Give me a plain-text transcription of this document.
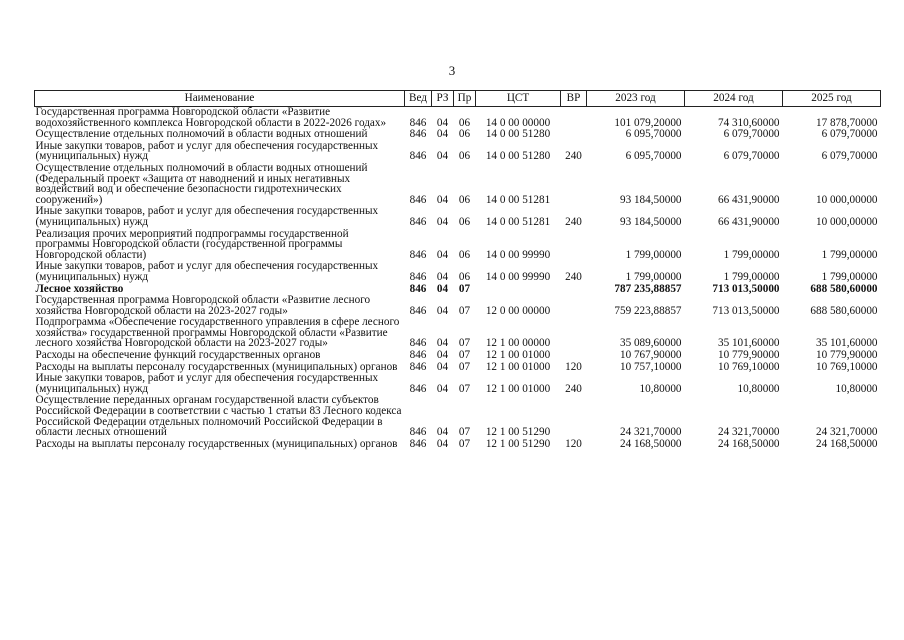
3
Наименование	Вед	РЗ	Пр	ЦСТ	ВР	2023 год	2024 год	2025 год
Государственная программа Новгородской области «Развитие водохозяйственного комплекса Новгородской области в 2022-2026 годах»	846	04	06	14 0 00 00000		101 079,20000	74 310,60000	17 878,70000
Осуществление отдельных полномочий в области водных отношений	846	04	06	14 0 00 51280		6 095,70000	6 079,70000	6 079,70000
Иные закупки товаров, работ и услуг для обеспечения государственных (муниципальных) нужд	846	04	06	14 0 00 51280	240	6 095,70000	6 079,70000	6 079,70000
Осуществление отдельных полномочий в области водных отношений (Федеральный проект «Защита от наводнений и иных негативных воздействий вод и обеспечение безопасности гидротехнических сооружений»)	846	04	06	14 0 00 51281		93 184,50000	66 431,90000	10 000,00000
Иные закупки товаров, работ и услуг для обеспечения государственных (муниципальных) нужд	846	04	06	14 0 00 51281	240	93 184,50000	66 431,90000	10 000,00000
Реализация прочих мероприятий подпрограммы государственной программы Новгородской области (государственной программы Новгородской области)	846	04	06	14 0 00 99990		1 799,00000	1 799,00000	1 799,00000
Иные закупки товаров, работ и услуг для обеспечения государственных (муниципальных) нужд	846	04	06	14 0 00 99990	240	1 799,00000	1 799,00000	1 799,00000
Лесное хозяйство	846	04	07			787 235,88857	713 013,50000	688 580,60000
Государственная программа Новгородской области «Развитие лесного хозяйства Новгородской области на 2023-2027 годы»	846	04	07	12 0 00 00000		759 223,88857	713 013,50000	688 580,60000
Подпрограмма «Обеспечение государственного управления в сфере лесного хозяйства» государственной программы Новгородской области «Развитие лесного хозяйства Новгородской области на 2023-2027 годы»	846	04	07	12 1 00 00000		35 089,60000	35 101,60000	35 101,60000
Расходы на обеспечение функций государственных органов	846	04	07	12 1 00 01000		10 767,90000	10 779,90000	10 779,90000
Расходы на выплаты персоналу государственных (муниципальных) органов	846	04	07	12 1 00 01000	120	10 757,10000	10 769,10000	10 769,10000
Иные закупки товаров, работ и услуг для обеспечения государственных (муниципальных) нужд	846	04	07	12 1 00 01000	240	10,80000	10,80000	10,80000
Осуществление переданных органам государственной власти субъектов Российской Федерации в соответствии с частью 1 статьи 83 Лесного кодекса Российской Федерации отдельных полномочий Российской Федерации в области лесных отношений	846	04	07	12 1 00 51290		24 321,70000	24 321,70000	24 321,70000
Расходы на выплаты персоналу государственных (муниципальных) органов	846	04	07	12 1 00 51290	120	24 168,50000	24 168,50000	24 168,50000
